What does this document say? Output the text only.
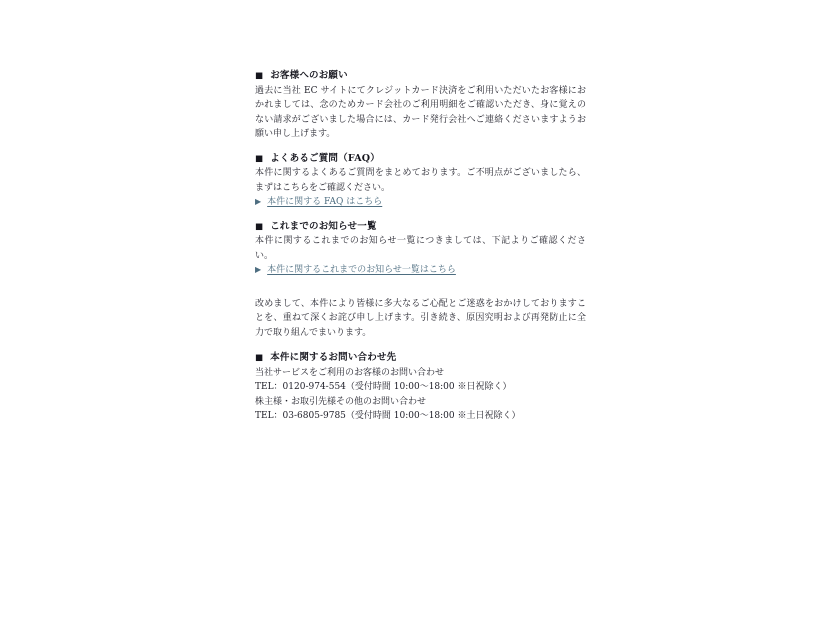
■ お客様へのお願い
過去に当社 EC サイトにてクレジットカード決済をご利用いただいたお客様におかれましては、念のためカード会社のご利用明細をご確認いただき、身に覚えのない請求がございました場合には、カード発行会社へご連絡くださいますようお願い申し上げます。
■ よくあるご質問（FAQ）
本件に関するよくあるご質問をまとめております。ご不明点がございましたら、まずはこちらをご確認ください。
▶ 本件に関する FAQ はこちら
■ これまでのお知らせ一覧
本件に関するこれまでのお知らせ一覧につきましては、下記よりご確認ください。
▶ 本件に関するこれまでのお知らせ一覧はこちら
改めまして、本件により皆様に多大なるご心配とご迷惑をおかけしておりますことを、重ねて深くお詫び申し上げます。引き続き、原因究明および再発防止に全力で取り組んでまいります。
■ 本件に関するお問い合わせ先
当社サービスをご利用のお客様のお問い合わせ
TEL：0120-974-554（受付時間 10:00～18:00 ※日祝除く）
株主様・お取引先様その他のお問い合わせ
TEL：03-6805-9785（受付時間 10:00～18:00 ※土日祝除く）
